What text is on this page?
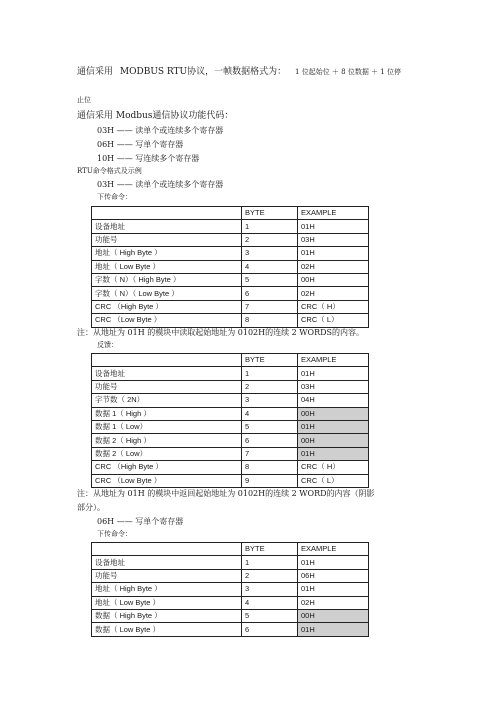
通信采用 MODBUS RTU协议，一帧数据格式为： 1 位起始位 ＋ 8 位数据 ＋ 1 位停
止位
通信采用 Modbus通信协议功能代码：
03H —— 读单个或连续多个寄存器
06H —— 写单个寄存器
10H —— 写连续多个寄存器
RTU命令格式及示例
03H —— 读单个或连续多个寄存器
下传命令：
	BYTE	EXAMPLE
设备地址	1	01H
功能号	2	03H
地址（ High Byte ）	3	01H
地址（ Low Byte ）	4	02H
字数（ N）（ High Byte ）	5	00H
字数（ N）（ Low Byte ）	6	02H
CRC （High Byte ）	7	CRC（ H）
CRC （Low Byte ）	8	CRC（ L）
注：从地址为 01H 的模块中读取起始地址为 0102H的连续 2 WORDS的内容。
反馈：
	BYTE	EXAMPLE
设备地址	1	01H
功能号	2	03H
字节数（ 2N）	3	04H
数据 1（ High ）	4	00H
数据 1（ Low）	5	01H
数据 2（ High ）	6	00H
数据 2（ Low）	7	01H
CRC （High Byte ）	8	CRC（ H）
CRC （Low Byte ）	9	CRC（ L）
注：从地址为 01H 的模块中返回起始地址为 0102H的连续 2 WORD的内容（阴影
部分）。
06H —— 写单个寄存器
下传命令：
	BYTE	EXAMPLE
设备地址	1	01H
功能号	2	06H
地址（ High Byte ）	3	01H
地址（ Low Byte ）	4	02H
数据（ High Byte ）	5	00H
数据（ Low Byte ）	6	01H
